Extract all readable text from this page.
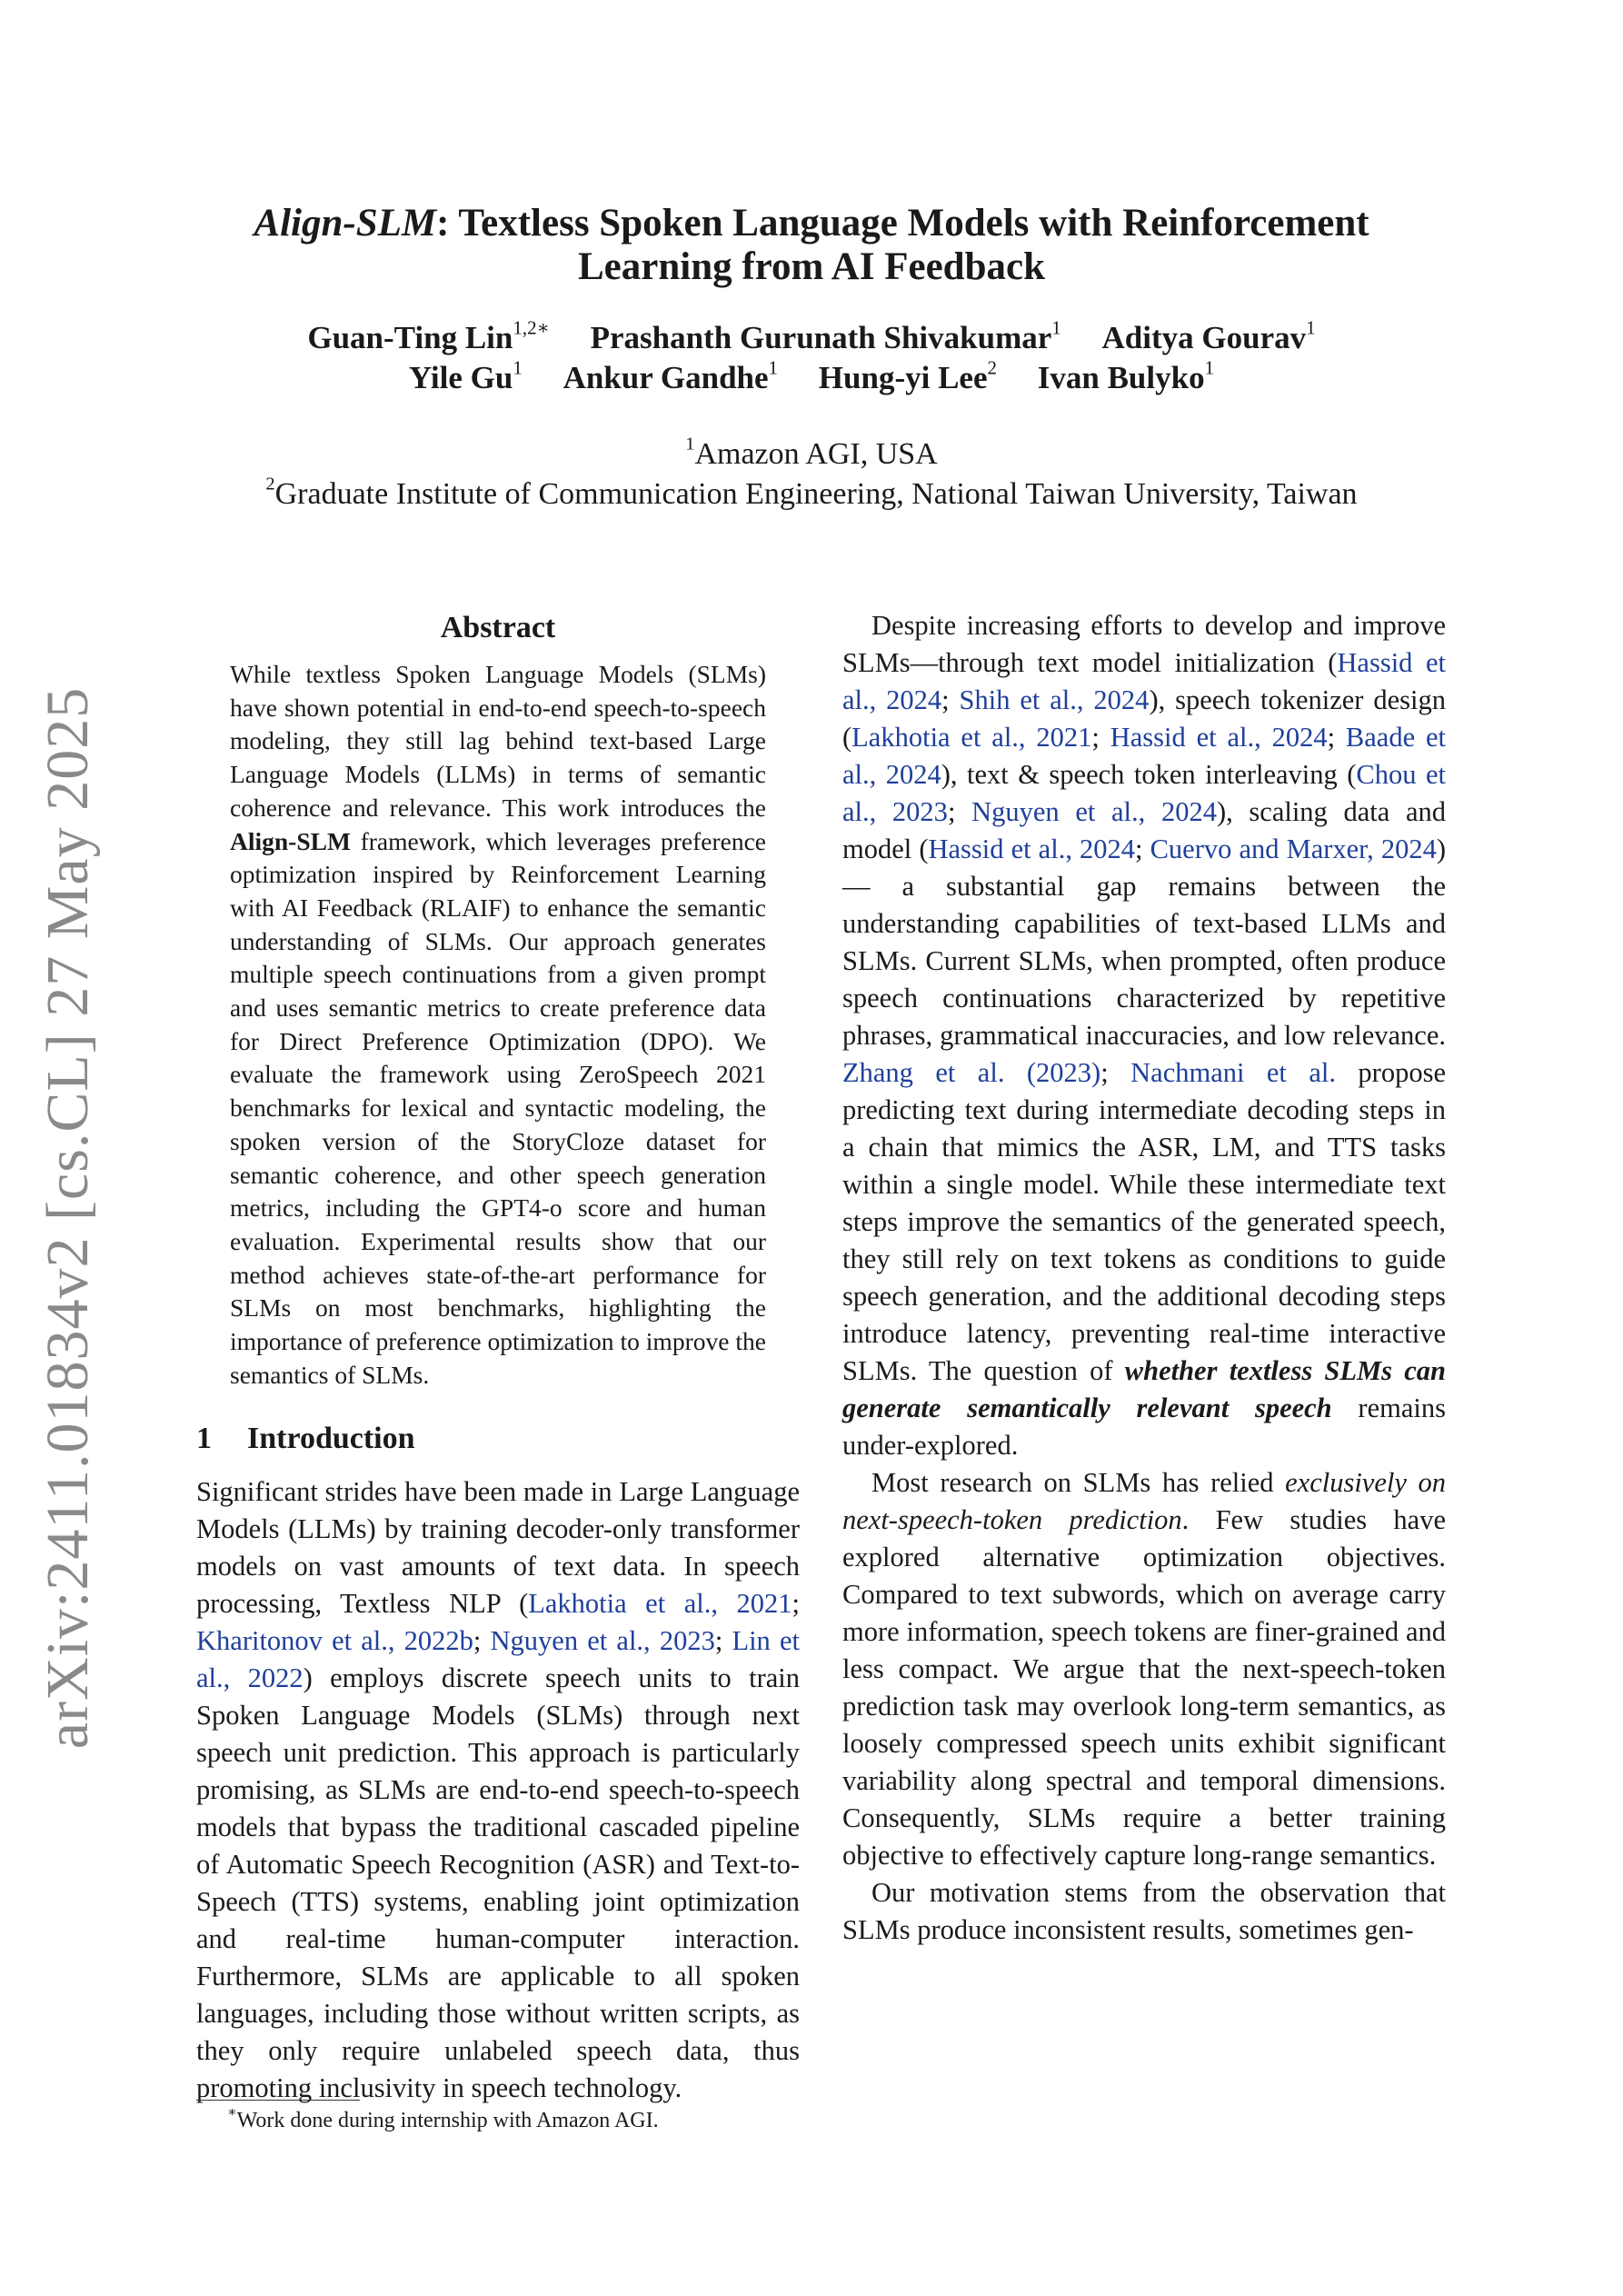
arXiv:2411.01834v2 [cs.CL] 27 May 2025
Align-SLM: Textless Spoken Language Models with Reinforcement
Learning from AI Feedback
Guan-Ting Lin$^{1,2∗}$ Prashanth Gurunath Shivakumar$^1$ Aditya Gourav$^1$
Yile Gu$^1$ Ankur Gandhe$^1$ Hung-yi Lee$^2$ Ivan Bulyko$^1$
$^1$Amazon AGI, USA
$^2$Graduate Institute of Communication Engineering, National Taiwan University, Taiwan
Abstract

While textless Spoken Language Models (SLMs) have shown potential in end-to-end speech-to-speech modeling, they still lag behind text-based Large Language Models (LLMs) in terms of semantic coherence and relevance. This work introduces the Align-SLM framework, which leverages preference optimization inspired by Reinforcement Learning with AI Feedback (RLAIF) to enhance the semantic understanding of SLMs. Our approach generates multiple speech continuations from a given prompt and uses semantic metrics to create preference data for Direct Preference Optimization (DPO). We evaluate the framework using ZeroSpeech 2021 benchmarks for lexical and syntactic modeling, the spoken version of the StoryCloze dataset for semantic coherence, and other speech generation metrics, including the GPT4-o score and human evaluation. Experimental results show that our method achieves state-of-the-art performance for SLMs on most benchmarks, highlighting the importance of preference optimization to improve the semantics of SLMs.

1 Introduction

Significant strides have been made in Large Language Models (LLMs) by training decoder-only transformer models on vast amounts of text data. In speech processing, Textless NLP (Lakhotia et al., 2021; Kharitonov et al., 2022b; Nguyen et al., 2023; Lin et al., 2022) employs discrete speech units to train Spoken Language Models (SLMs) through next speech unit prediction. This approach is particularly promising, as SLMs are end-to-end speech-to-speech models that bypass the traditional cascaded pipeline of Automatic Speech Recognition (ASR) and Text-to-Speech (TTS) systems, enabling joint optimization and real-time human-computer interaction. Furthermore, SLMs are applicable to all spoken languages, including those without written scripts, as they only require unlabeled speech data, thus promoting inclusivity in speech technology.

Despite increasing efforts to develop and improve SLMs—through text model initialization (Hassid et al., 2024; Shih et al., 2024), speech tokenizer design (Lakhotia et al., 2021; Hassid et al., 2024; Baade et al., 2024), text & speech token interleaving (Chou et al., 2023; Nguyen et al., 2024), scaling data and model (Hassid et al., 2024; Cuervo and Marxer, 2024)— a substantial gap remains between the understanding capabilities of text-based LLMs and SLMs. Current SLMs, when prompted, often produce speech continuations characterized by repetitive phrases, grammatical inaccuracies, and low relevance. Zhang et al. (2023); Nachmani et al. propose predicting text during intermediate decoding steps in a chain that mimics the ASR, LM, and TTS tasks within a single model. While these intermediate text steps improve the semantics of the generated speech, they still rely on text tokens as conditions to guide speech generation, and the additional decoding steps introduce latency, preventing real-time interactive SLMs. The question of whether textless SLMs can generate semantically relevant speech remains under-explored.

Most research on SLMs has relied exclusively on next-speech-token prediction. Few studies have explored alternative optimization objectives. Compared to text subwords, which on average carry more information, speech tokens are finer-grained and less compact. We argue that the next-speech-token prediction task may overlook long-term semantics, as loosely compressed speech units exhibit significant variability along spectral and temporal dimensions. Consequently, SLMs require a better training objective to effectively capture long-range semantics.

Our motivation stems from the observation that SLMs produce inconsistent results, sometimes gen-

∗Work done during internship with Amazon AGI.
